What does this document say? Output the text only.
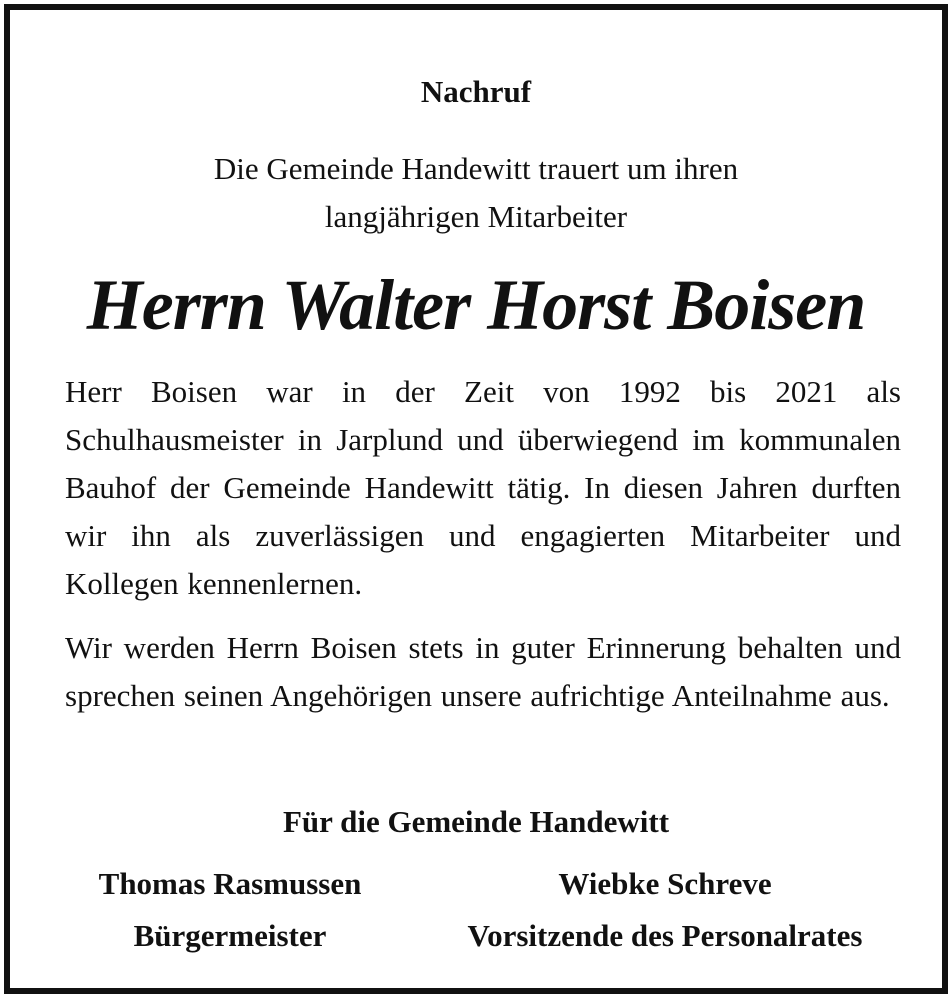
Nachruf
Die Gemeinde Handewitt trauert um ihren
langjährigen Mitarbeiter
Herrn Walter Horst Boisen
Herr Boisen war in der Zeit von 1992 bis 2021 als Schulhausmeister in Jarplund und überwiegend im kommunalen Bauhof der Gemeinde Handewitt tätig. In diesen Jahren durften wir ihn als zuverlässigen und engagierten Mitarbeiter und Kollegen kennenlernen.
Wir werden Herrn Boisen stets in guter Erinnerung behalten und sprechen seinen Angehörigen unsere aufrichtige Anteilnahme aus.
Für die Gemeinde Handewitt
Thomas Rasmussen
Bürgermeister
Wiebke Schreve
Vorsitzende des Personalrates
